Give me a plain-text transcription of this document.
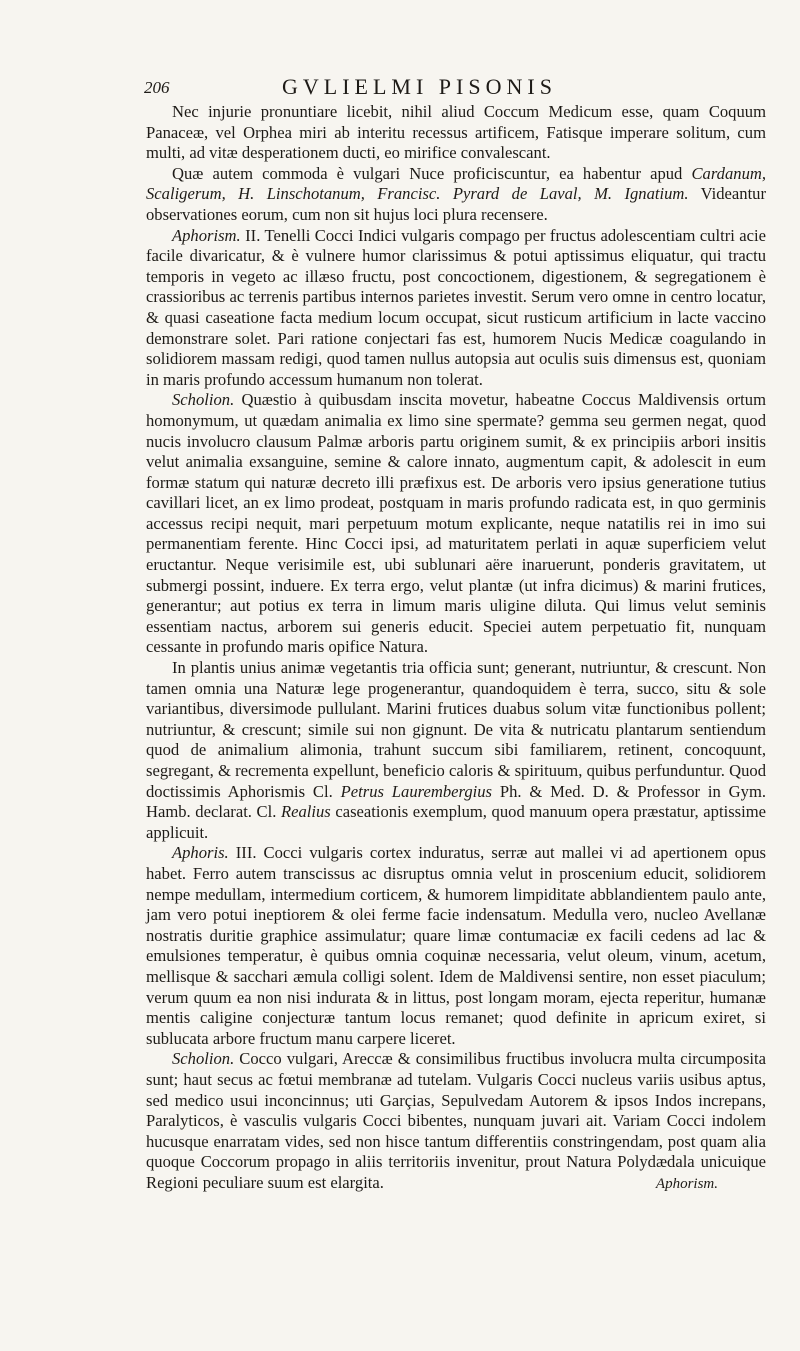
206	GVLIELMI PISONIS

Nec injurie pronuntiare licebit, nihil aliud Coccum Medicum esse, quam Coquum Panaceæ, vel Orphea miri ab interitu recessus artificem, Fatisque imperare solitum, cum multi, ad vitæ desperationem ducti, eo mirifice convalescant.

Quæ autem commoda è vulgari Nuce proficiscuntur, ea habentur apud Cardanum, Scaligerum, H. Linschotanum, Francisc. Pyrard de Laval, M. Ignatium. Videantur observationes eorum, cum non sit hujus loci plura recensere.

Aphorism. II. Tenelli Cocci Indici vulgaris compago per fructus adolescentiam cultri acie facile divaricatur, & è vulnere humor clarissimus & potui aptissimus eliquatur, qui tractu temporis in vegeto ac illæso fructu, post concoctionem, digestionem, & segregationem è crassioribus ac terrenis partibus internos parietes investit. Serum vero omne in centro locatur, & quasi caseatione facta medium locum occupat, sicut rusticum artificium in lacte vaccino demonstrare solet. Pari ratione conjectari fas est, humorem Nucis Medicæ coagulando in solidiorem massam redigi, quod tamen nullus autopsia aut oculis suis dimensus est, quoniam in maris profundo accessum humanum non tolerat.

Scholion. Quæstio à quibusdam inscita movetur, habeatne Coccus Maldivensis ortum homonymum, ut quædam animalia ex limo sine spermate? gemma seu germen negat, quod nucis involucro clausum Palmæ arboris partu originem sumit, & ex principiis arbori insitis velut animalia exsanguine, semine & calore innato, augmentum capit, & adolescit in eum formæ statum qui naturæ decreto illi præfixus est. De arboris vero ipsius generatione tutius cavillari licet, an ex limo prodeat, postquam in maris profundo radicata est, in quo germinis accessus recipi nequit, mari perpetuum motum explicante, neque natatilis rei in imo sui permanentiam ferente. Hinc Cocci ipsi, ad maturitatem perlati in aquæ superficiem velut eructantur. Neque verisimile est, ubi sublunari aëre inaruerunt, ponderis gravitatem, ut submergi possint, induere. Ex terra ergo, velut plantæ (ut infra dicimus) & marini frutices, generantur; aut potius ex terra in limum maris uligine diluta. Qui limus velut seminis essentiam nactus, arborem sui generis educit. Speciei autem perpetuatio fit, nunquam cessante in profundo maris opifice Natura.

In plantis unius animæ vegetantis tria officia sunt; generant, nutriuntur, & crescunt. Non tamen omnia una Naturæ lege progenerantur, quandoquidem è terra, succo, situ & sole variantibus, diversimode pullulant. Marini frutices duabus solum vitæ functionibus pollent; nutriuntur, & crescunt; simile sui non gignunt. De vita & nutricatu plantarum sentiendum quod de animalium alimonia, trahunt succum sibi familiarem, retinent, concoquunt, segregant, & recrementa expellunt, beneficio caloris & spirituum, quibus perfunduntur. Quod doctissimis Aphorismis Cl. Petrus Laurembergius Ph. & Med. D. & Professor in Gym. Hamb. declarat. Cl. Realius caseationis exemplum, quod manuum opera præstatur, aptissime applicuit.

Aphoris. III. Cocci vulgaris cortex induratus, serræ aut mallei vi ad apertionem opus habet. Ferro autem transcissus ac disruptus omnia velut in proscenium educit, solidiorem nempe medullam, intermedium corticem, & humorem limpiditate abblandientem paulo ante, jam vero potui ineptiorem & olei ferme facie indensatum. Medulla vero, nucleo Avellanæ nostratis duritie graphice assimulatur; quare limæ contumaciæ ex facili cedens ad lac & emulsiones temperatur, è quibus omnia coquinæ necessaria, velut oleum, vinum, acetum, mellisque & sacchari æmula colligi solent. Idem de Maldivensi sentire, non esset piaculum; verum quum ea non nisi indurata & in littus, post longam moram, ejecta reperitur, humanæ mentis caligine conjecturæ tantum locus remanet; quod definite in apricum exiret, si sublucata arbore fructum manu carpere liceret.

Scholion. Cocco vulgari, Areccæ & consimilibus fructibus involucra multa circumposita sunt; haut secus ac fœtui membranæ ad tutelam. Vulgaris Cocci nucleus variis usibus aptus, sed medico usui inconcinnus; uti Garçias, Sepulvedam Autorem & ipsos Indos increpans, Paralyticos, è vasculis vulgaris Cocci bibentes, nunquam juvari ait. Variam Cocci indolem hucusque enarratam vides, sed non hisce tantum differentiis constringendam, post quam alia quoque Coccorum propago in aliis territoriis invenitur, prout Natura Polydædala unicuique Regioni peculiare suum est elargita.	Aphorism.
